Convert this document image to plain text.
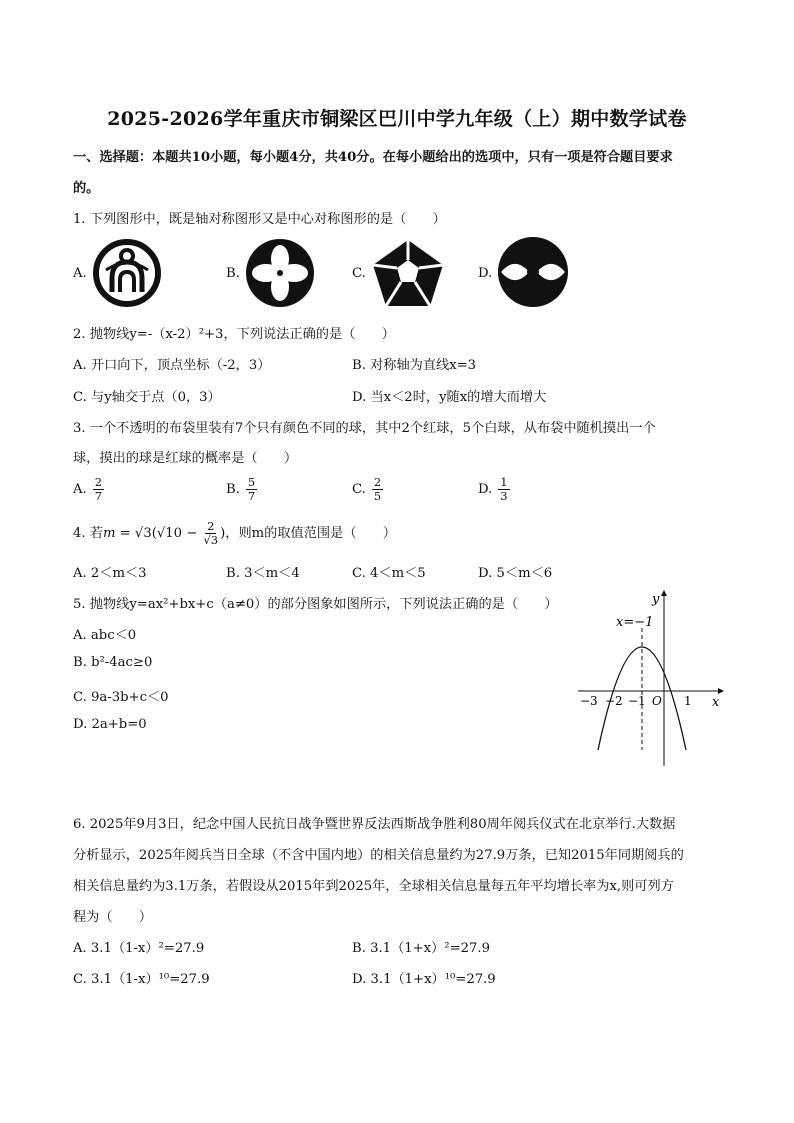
2025-2026学年重庆市铜梁区巴川中学九年级（上）期中数学试卷
一、选择题：本题共10小题，每小题4分，共40分。在每小题给出的选项中，只有一项是符合题目要求
的。
1. 下列图形中，既是轴对称图形又是中心对称图形的是（　　）
A.	B.	C.	D.
2. 抛物线y=-（x-2）²+3，下列说法正确的是（　　）
A. 开口向下，顶点坐标（-2，3）	B. 对称轴为直线x=3
C. 与y轴交于点（0，3）	D. 当x＜2时，y随x的增大而增大
3. 一个不透明的布袋里装有7个只有颜色不同的球，其中2个红球，5个白球，从布袋中随机摸出一个
球，摸出的球是红球的概率是（　　）
A. $\frac{2}{7}$	B. $\frac{5}{7}$	C. $\frac{2}{5}$	D. $\frac{1}{3}$
4. 若$m = √3(√10 - \frac{2}{√3}$ )，则m的取值范围是（　　）
A. 2＜m＜3	B. 3＜m＜4	C. 4＜m＜5	D. 5＜m＜6
5. 抛物线y=ax²+bx+c（a≠0）的部分图象如图所示，下列说法正确的是（　　）
A. abc＜0
B. b²-4ac≥0
C. 9a-3b+c＜0
D. 2a+b=0
x=−1
y
x
O
−3 −2 −1	1
6. 2025年9月3日，纪念中国人民抗日战争暨世界反法西斯战争胜利80周年阅兵仪式在北京举行.大数据
分析显示，2025年阅兵当日全球（不含中国内地）的相关信息量约为27.9万条，已知2015年同期阅兵的
相关信息量约为3.1万条，若假设从2015年到2025年，全球相关信息量每五年平均增长率为x,则可列方
程为（　　）
A. 3.1（1-x）²=27.9	B. 3.1（1+x）²=27.9
C. 3.1（1-x）¹⁰=27.9	D. 3.1（1+x）¹⁰=27.9
